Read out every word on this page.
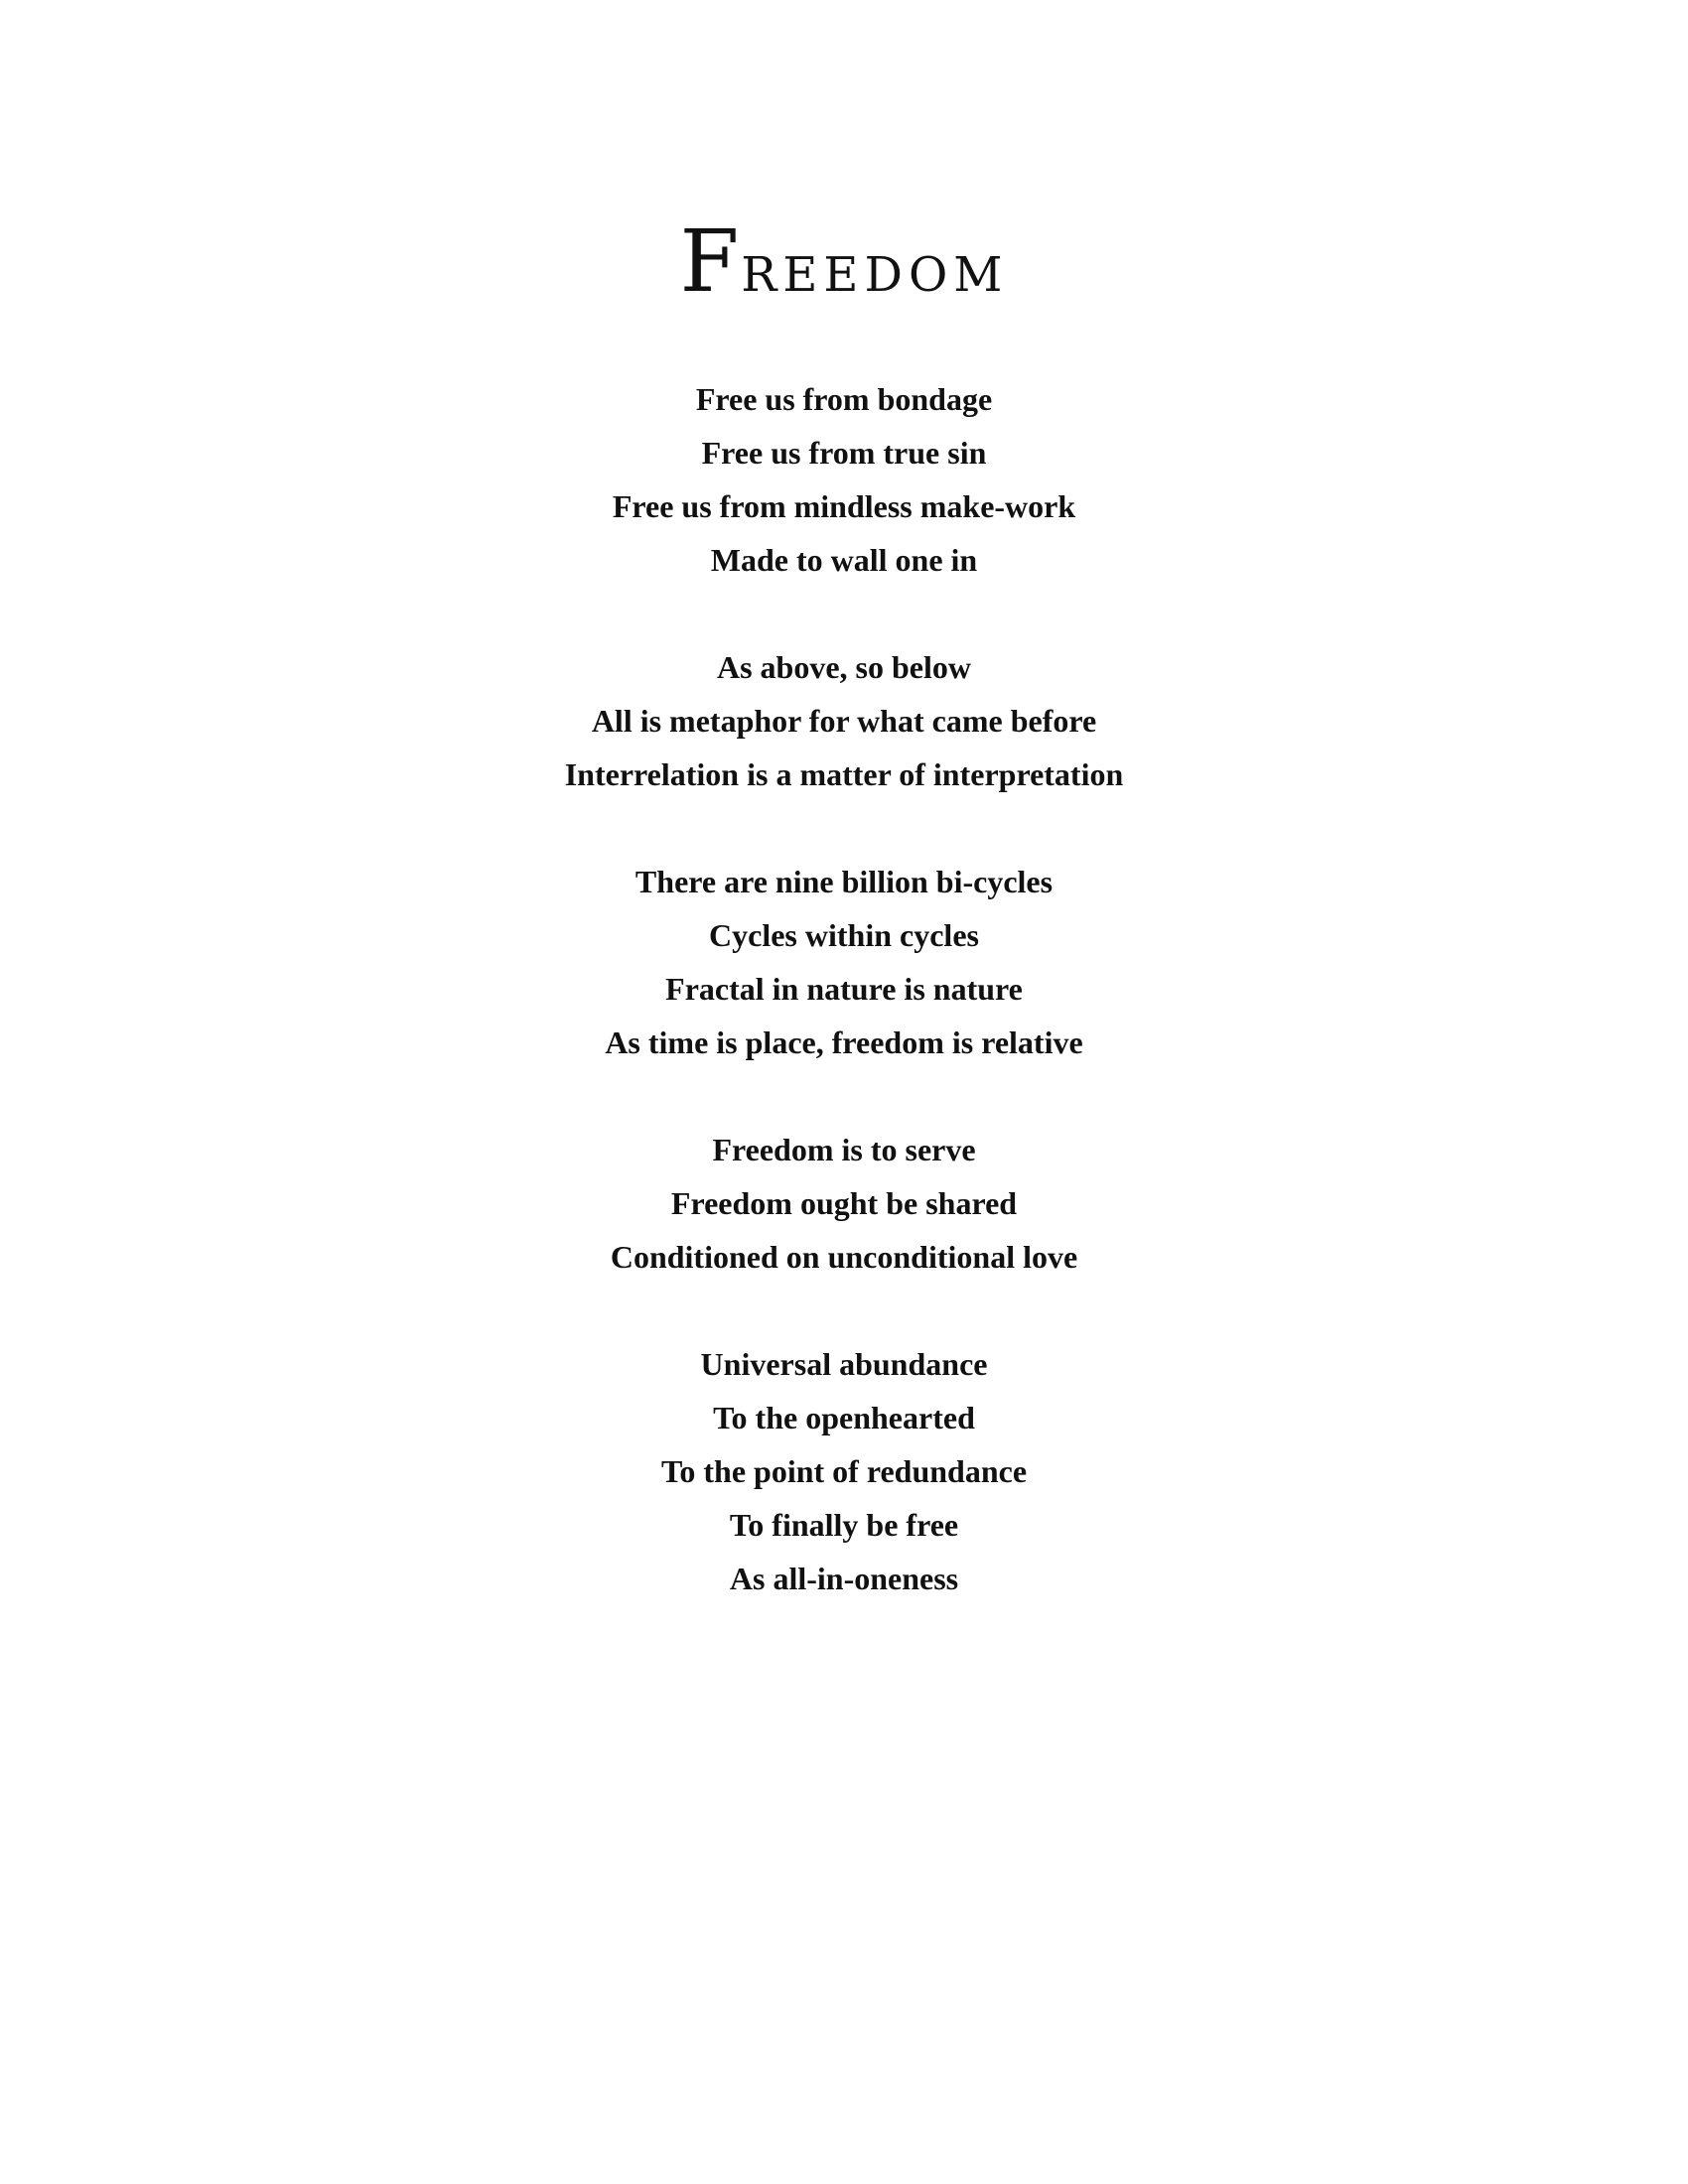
FREEDOM
Free us from bondage
Free us from true sin
Free us from mindless make-work
Made to wall one in
As above, so below
All is metaphor for what came before
Interrelation is a matter of interpretation
There are nine billion bi-cycles
Cycles within cycles
Fractal in nature is nature
As time is place, freedom is relative
Freedom is to serve
Freedom ought be shared
Conditioned on unconditional love
Universal abundance
To the openhearted
To the point of redundance
To finally be free
As all-in-oneness
